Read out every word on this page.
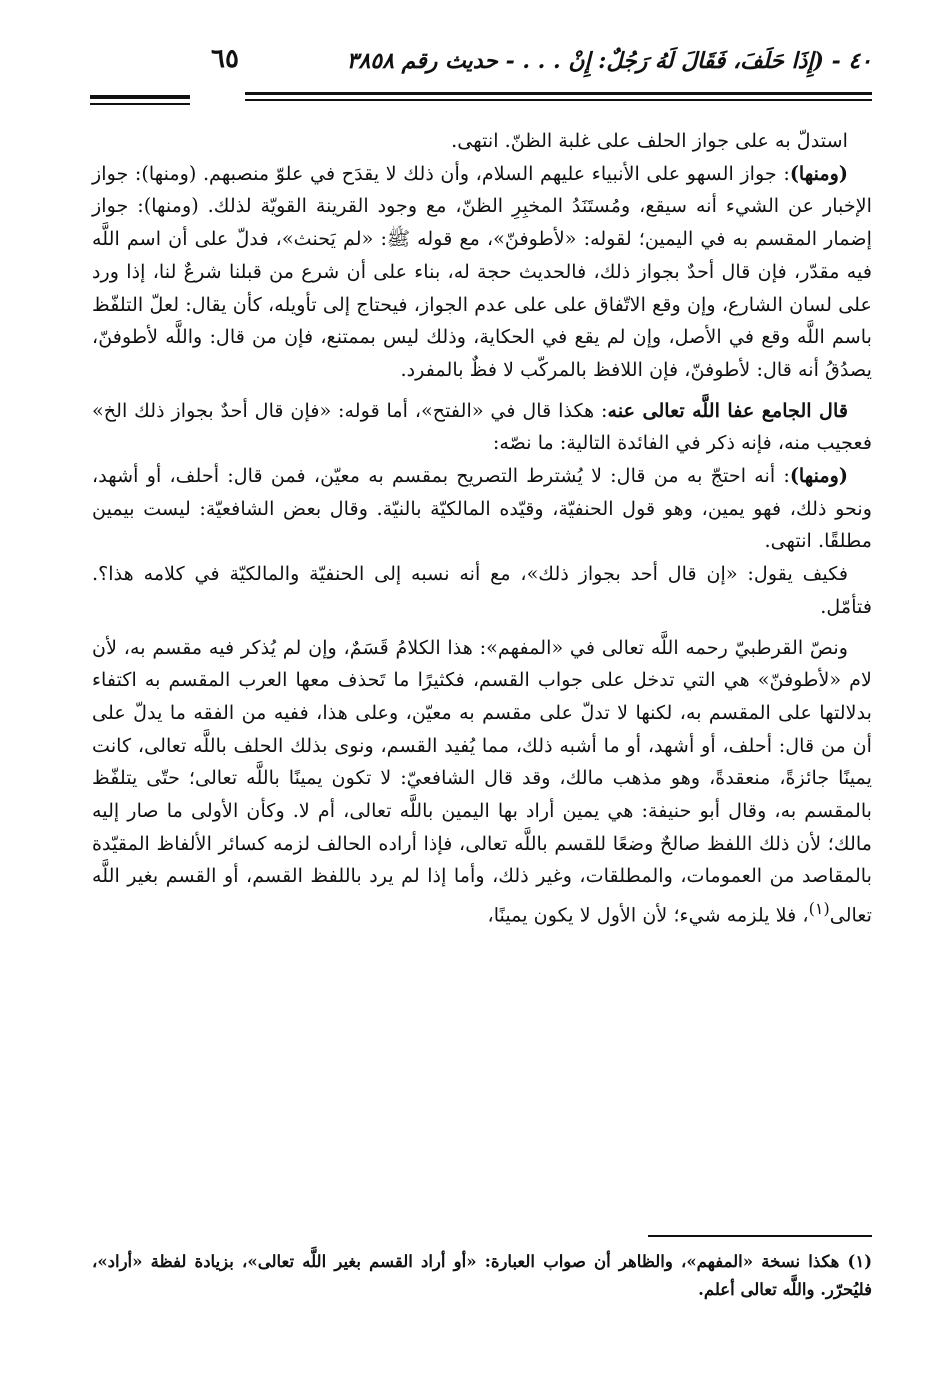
٦٥	٤٠ - (إِذَا حَلَفَ، فَقَالَ لَهُ رَجُلٌ: إِنْ . . . - حديث رقم ٣٨٥٨

استدلّ به على جواز الحلف على غلبة الظنّ. انتهى.

(ومنها): جواز السهو على الأنبياء عليهم السلام، وأن ذلك لا يقدَح في علوّ منصبهم. (ومنها): جواز الإخبار عن الشيء أنه سيقع، ومُستَنَدُ المخبِرِ الظنّ، مع وجود القرينة القويّة لذلك. (ومنها): جواز إضمار المقسم به في اليمين؛ لقوله: «لأطوفنّ»، مع قوله ﷺ: «لم يَحنث»، فدلّ على أن اسم اللَّه فيه مقدّر، فإن قال أحدٌ بجواز ذلك، فالحديث حجة له، بناء على أن شرع من قبلنا شرعٌ لنا، إذا ورد على لسان الشارع، وإن وقع الاتّفاق على على عدم الجواز، فيحتاج إلى تأويله، كأن يقال: لعلّ التلفّظ باسم اللَّه وقع في الأصل، وإن لم يقع في الحكاية، وذلك ليس بممتنع، فإن من قال: واللَّه لأطوفنّ، يصدُقُ أنه قال: لأطوفنّ، فإن اللافظ بالمركّب لا فظٌ بالمفرد.

قال الجامع عفا اللَّه تعالى عنه: هكذا قال في «الفتح»، أما قوله: «فإن قال أحدٌ بجواز ذلك الخ» فعجيب منه، فإنه ذكر في الفائدة التالية: ما نصّه:

(ومنها): أنه احتجّ به من قال: لا يُشترط التصريح بمقسم به معيّن، فمن قال: أحلف، أو أشهد، ونحو ذلك، فهو يمين، وهو قول الحنفيّة، وقيّده المالكيّة بالنيّة. وقال بعض الشافعيّة: ليست بيمين مطلقًا. انتهى.

فكيف يقول: «إن قال أحد بجواز ذلك»، مع أنه نسبه إلى الحنفيّة والمالكيّة في كلامه هذا؟. فتأمّل.

ونصّ القرطبيّ رحمه اللَّه تعالى في «المفهم»: هذا الكلامُ قَسَمٌ، وإن لم يُذكر فيه مقسم به، لأن لام «لأطوفنّ» هي التي تدخل على جواب القسم، فكثيرًا ما تَحذف معها العرب المقسم به اكتفاء بدلالتها على المقسم به، لكنها لا تدلّ على مقسم به معيّن، وعلى هذا، ففيه من الفقه ما يدلّ على أن من قال: أحلف، أو أشهد، أو ما أشبه ذلك، مما يُفيد القسم، ونوى بذلك الحلف باللَّه تعالى، كانت يمينًا جائزةً، منعقدةً، وهو مذهب مالك، وقد قال الشافعيّ: لا تكون يمينًا باللَّه تعالى؛ حتّى يتلفّظ بالمقسم به، وقال أبو حنيفة: هي يمين أراد بها اليمين باللَّه تعالى، أم لا. وكأن الأولى ما صار إليه مالك؛ لأن ذلك اللفظ صالحٌ وضعًا للقسم باللَّه تعالى، فإذا أراده الحالف لزمه كسائر الألفاظ المقيّدة بالمقاصد من العمومات، والمطلقات، وغير ذلك، وأما إذا لم يرد باللفظ القسم، أو القسم بغير اللَّه تعالى$^{(١)}$، فلا يلزمه شيء؛ لأن الأول لا يكون يمينًا،

(١) هكذا نسخة «المفهم»، والظاهر أن صواب العبارة: «أو أراد القسم بغير اللَّه تعالى»، بزيادة لفظة «أراد»، فليُحرّر. واللَّه تعالى أعلم.
